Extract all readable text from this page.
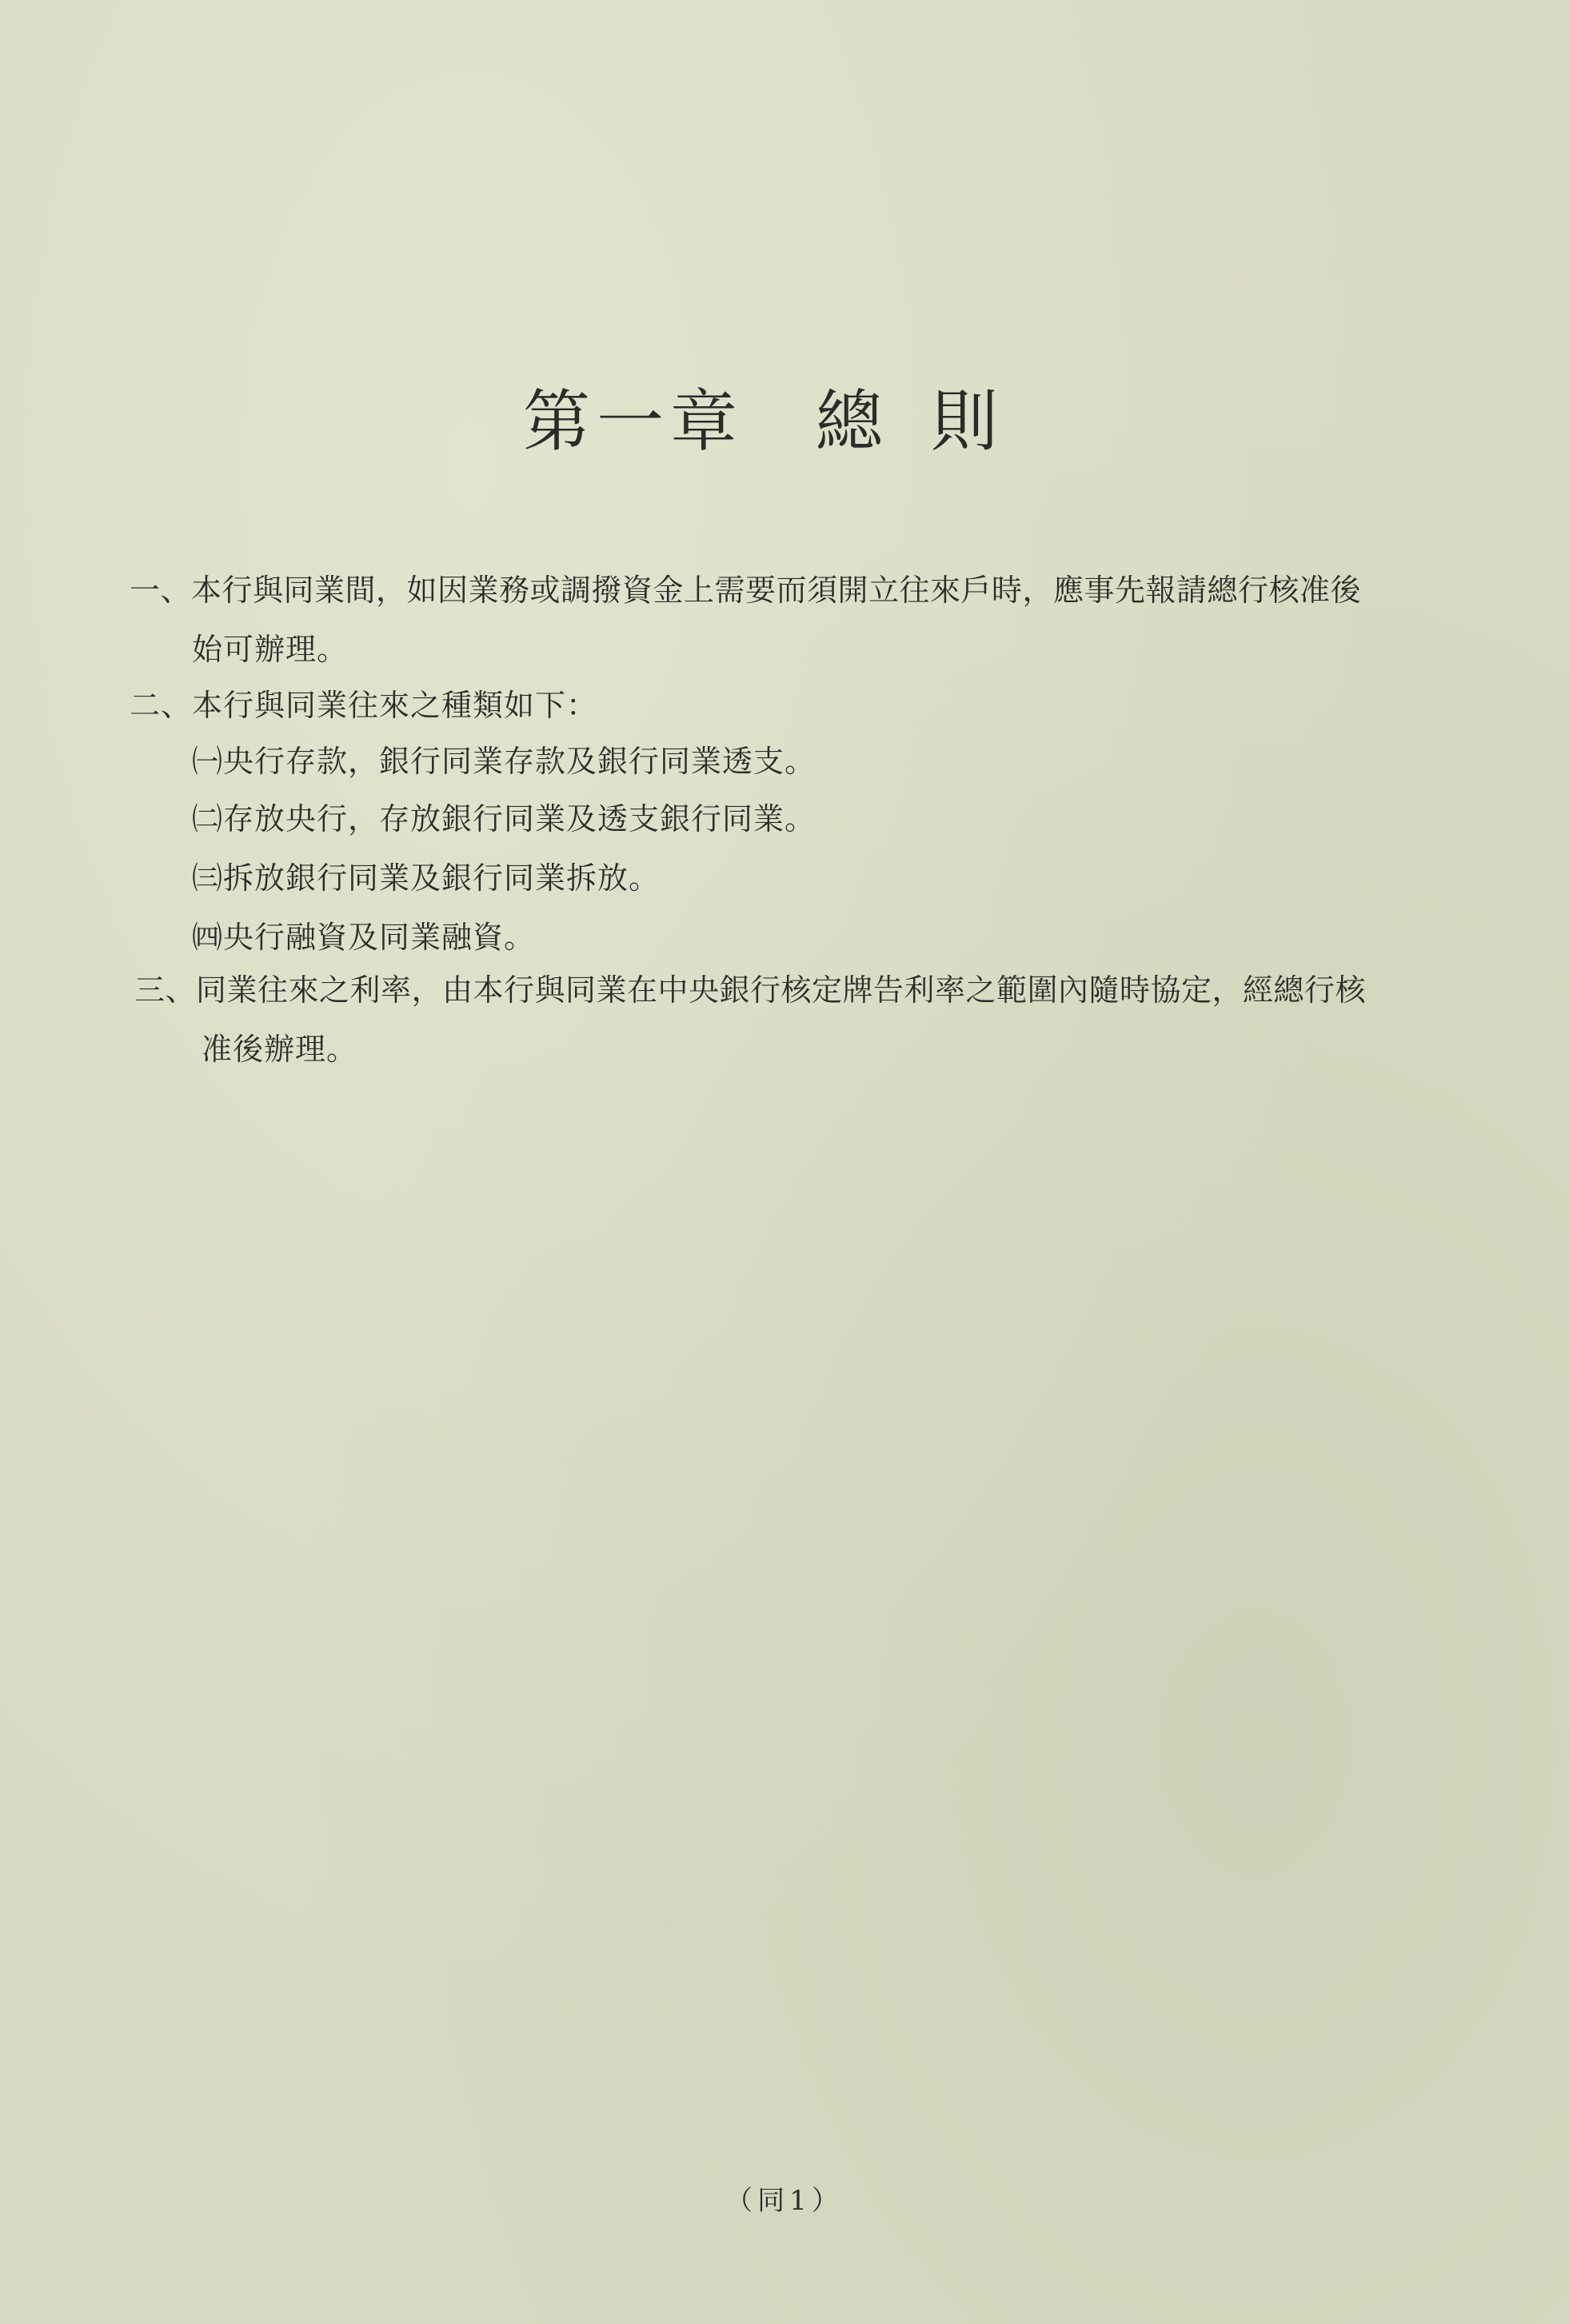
第一章 總則
一、本行與同業間，如因業務或調撥資金上需要而須開立往來戶時，應事先報請總行核准後
始可辦理。
二、本行與同業往來之種類如下：
㈠央行存款，銀行同業存款及銀行同業透支。
㈡存放央行，存放銀行同業及透支銀行同業。
㈢拆放銀行同業及銀行同業拆放。
㈣央行融資及同業融資。
三、同業往來之利率，由本行與同業在中央銀行核定牌告利率之範圍內隨時協定，經總行核
准後辦理。
（同1）
